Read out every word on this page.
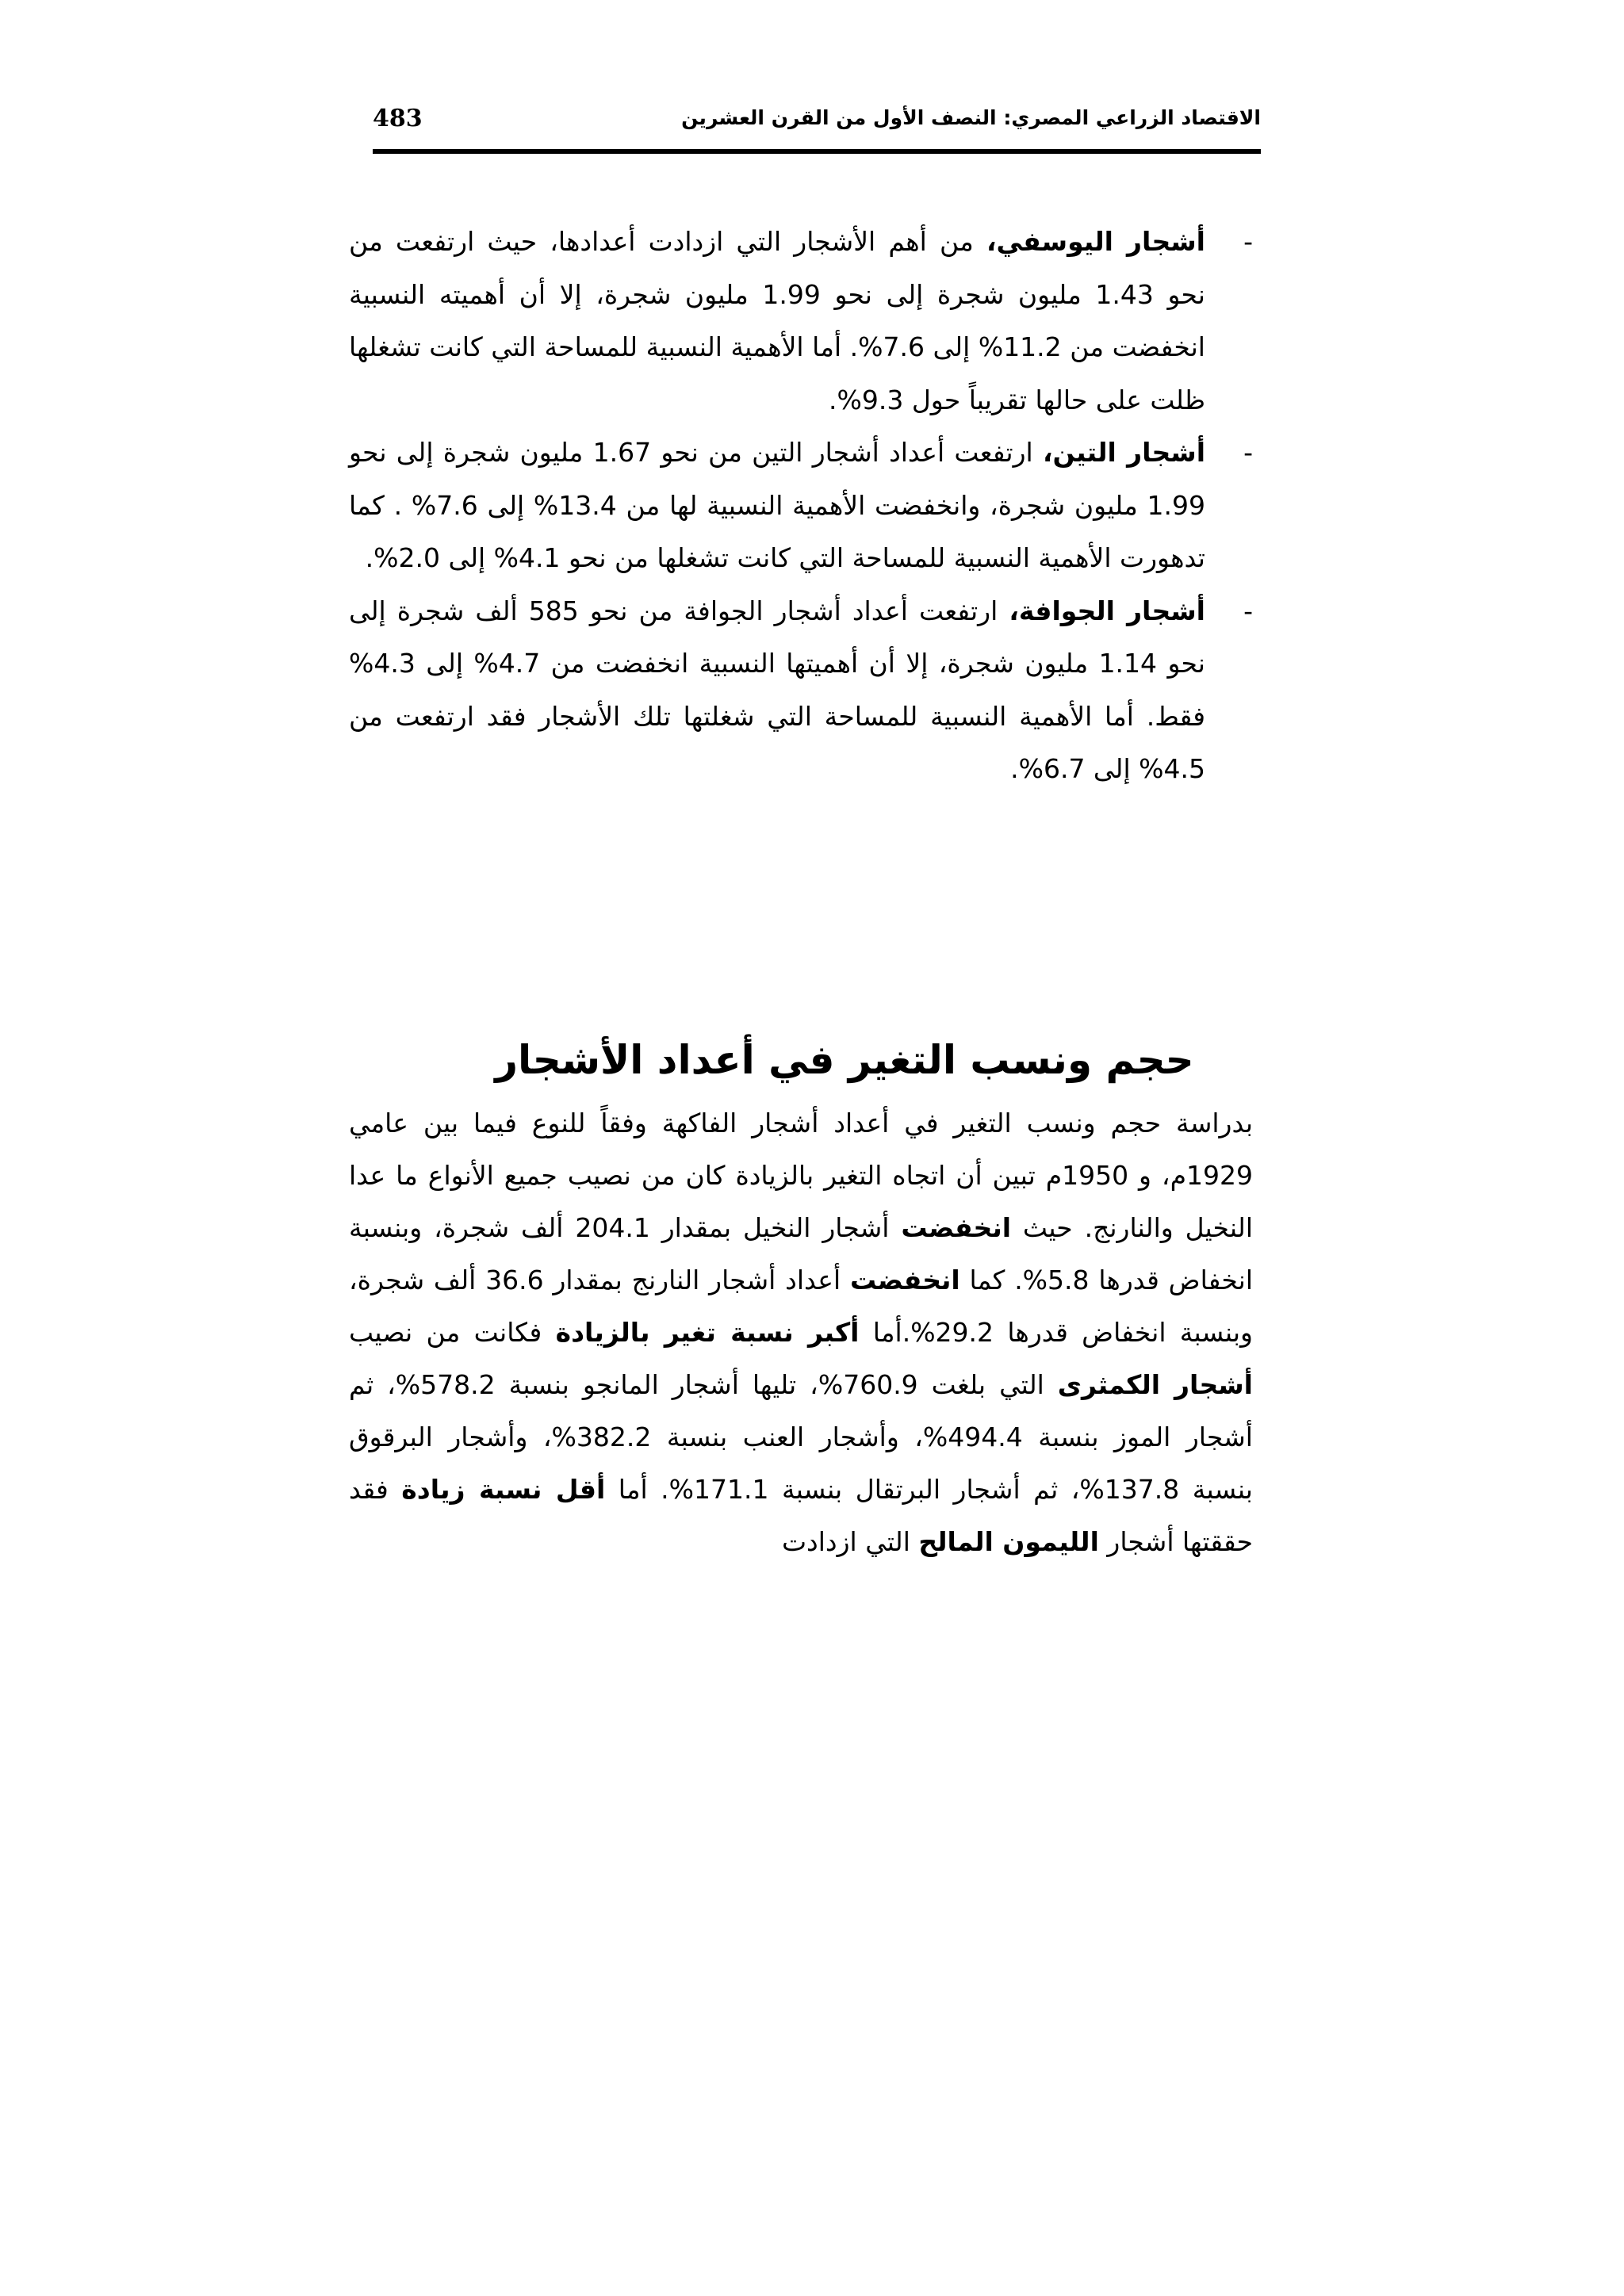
الاقتصاد الزراعي المصري: النصف الأول من القرن العشرين
483
-
أشجار اليوسفي، من أهم الأشجار التي ازدادت أعدادها، حيث ارتفعت من نحو 1.43 مليون شجرة إلى نحو 1.99 مليون شجرة، إلا أن أهميته النسبية انخفضت من 11.2% إلى 7.6%. أما الأهمية النسبية للمساحة التي كانت تشغلها ظلت على حالها تقريباً حول 9.3%.
-
أشجار التين، ارتفعت أعداد أشجار التين من نحو 1.67 مليون شجرة إلى نحو 1.99 مليون شجرة، وانخفضت الأهمية النسبية لها من 13.4% إلى 7.6% . كما تدهورت الأهمية النسبية للمساحة التي كانت تشغلها من نحو 4.1% إلى 2.0%.
-
أشجار الجوافة، ارتفعت أعداد أشجار الجوافة من نحو 585 ألف شجرة إلى نحو 1.14 مليون شجرة، إلا أن أهميتها النسبية انخفضت من 4.7% إلى 4.3% فقط. أما الأهمية النسبية للمساحة التي شغلتها تلك الأشجار فقد ارتفعت من 4.5% إلى 6.7%.
حجم ونسب التغير في أعداد الأشجار

بدراسة حجم ونسب التغير في أعداد أشجار الفاكهة وفقاً للنوع فيما بين عامي 1929م، و 1950م تبين أن اتجاه التغير بالزيادة كان من نصيب جميع الأنواع ما عدا النخيل والنارنج. حيث انخفضت أشجار النخيل بمقدار 204.1 ألف شجرة، وبنسبة انخفاض قدرها 5.8%. كما انخفضت أعداد أشجار النارنج بمقدار 36.6 ألف شجرة، وبنسبة انخفاض قدرها 29.2%.أما أكبر نسبة تغير بالزيادة فكانت من نصيب أشجار الكمثرى التي بلغت 760.9%، تليها أشجار المانجو بنسبة 578.2%، ثم أشجار الموز بنسبة 494.4%، وأشجار العنب بنسبة 382.2%، وأشجار البرقوق بنسبة 137.8%، ثم أشجار البرتقال بنسبة 171.1%. أما أقل نسبة زيادة فقد حققتها أشجار الليمون المالح التي ازدادت
